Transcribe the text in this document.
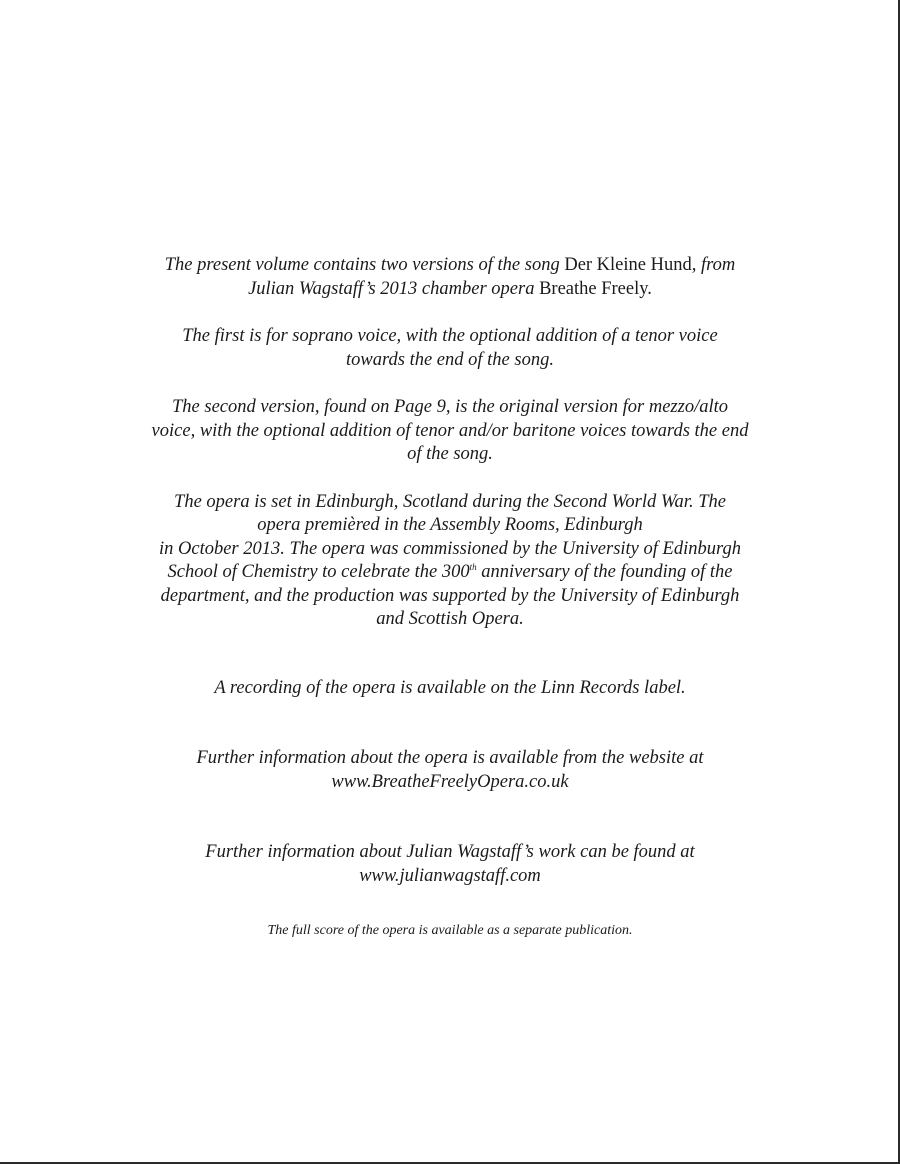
The present volume contains two versions of the song Der Kleine Hund, from
Julian Wagstaff’s 2013 chamber opera Breathe Freely.

The first is for soprano voice, with the optional addition of a tenor voice
towards the end of the song.

The second version, found on Page 9, is the original version for mezzo/alto
voice, with the optional addition of tenor and/or baritone voices towards the end
of the song.

The opera is set in Edinburgh, Scotland during the Second World War. The
opera premièred in the Assembly Rooms, Edinburgh
in October 2013. The opera was commissioned by the University of Edinburgh
School of Chemistry to celebrate the 300th anniversary of the founding of the
department, and the production was supported by the University of Edinburgh
and Scottish Opera.

A recording of the opera is available on the Linn Records label.

Further information about the opera is available from the website at
www.BreatheFreelyOpera.co.uk

Further information about Julian Wagstaff’s work can be found at
www.julianwagstaff.com

The full score of the opera is available as a separate publication.
